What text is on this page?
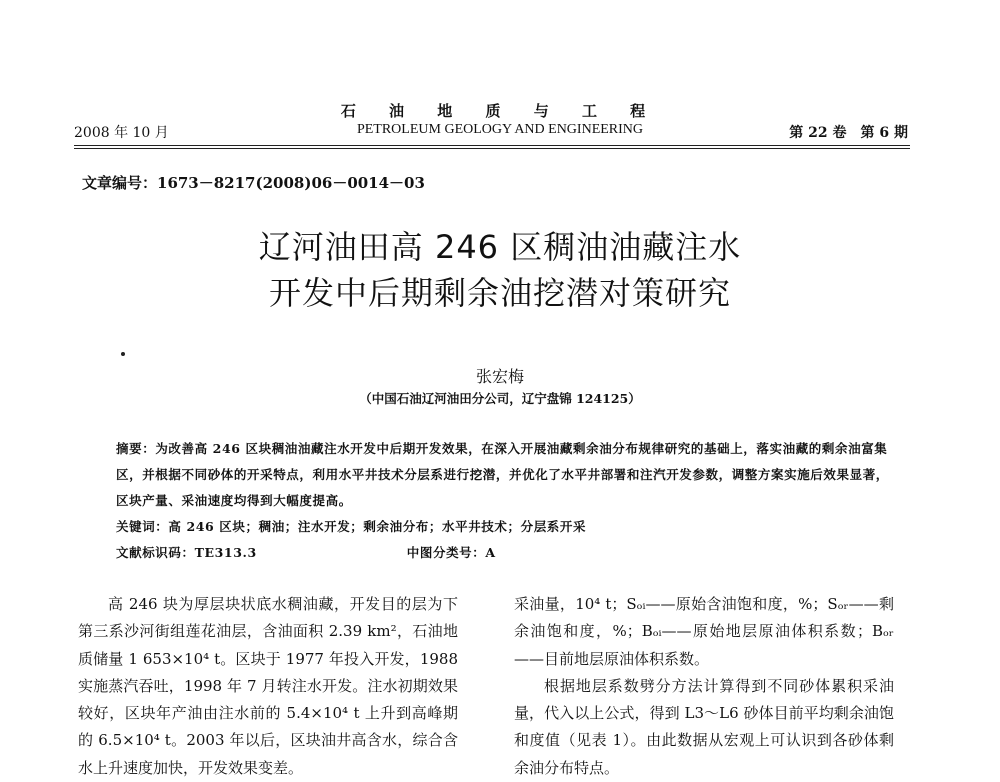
石 油 地 质 与 工 程
2008 年 10 月	PETROLEUM GEOLOGY AND ENGINEERING	第 22 卷　第 6 期
文章编号：1673－8217(2008)06－0014－03
辽河油田高 246 区稠油油藏注水
开发中后期剩余油挖潜对策研究
张宏梅
（中国石油辽河油田分公司，辽宁盘锦 124125）
摘要：为改善高 246 区块稠油油藏注水开发中后期开发效果，在深入开展油藏剩余油分布规律研究的基础上，落实油藏的剩余油富集区，并根据不同砂体的开采特点，利用水平井技术分层系进行挖潜，并优化了水平井部署和注汽开发参数，调整方案实施后效果显著，区块产量、采油速度均得到大幅度提高。
关键词：高 246 区块；稠油；注水开发；剩余油分布；水平井技术；分层系开采
文献标识码：TE313.3	中图分类号：A

高 246 块为厚层块状底水稠油藏，开发目的层为下第三系沙河街组莲花油层，含油面积 2.39 km²，石油地质储量 1 653×10⁴ t。区块于 1977 年投入开发，1988 实施蒸汽吞吐，1998 年 7 月转注水开发。注水初期效果较好，区块年产油由注水前的 5.4×10⁴ t 上升到高峰期的 6.5×10⁴ t。2003 年以后，区块油井高含水，综合含水上升速度加快，开发效果变差。

采油量，10⁴ t；Sₒᵢ——原始含油饱和度，%；Sₒᵣ——剩余油饱和度，%；Bₒᵢ——原始地层原油体积系数；Bₒᵣ——目前地层原油体积系数。

根据地层系数劈分方法计算得到不同砂体累积采油量，代入以上公式，得到 L3～L6 砂体目前平均剩余油饱和度值（见表 1）。由此数据从宏观上可认识到各砂体剩余油分布特点。
